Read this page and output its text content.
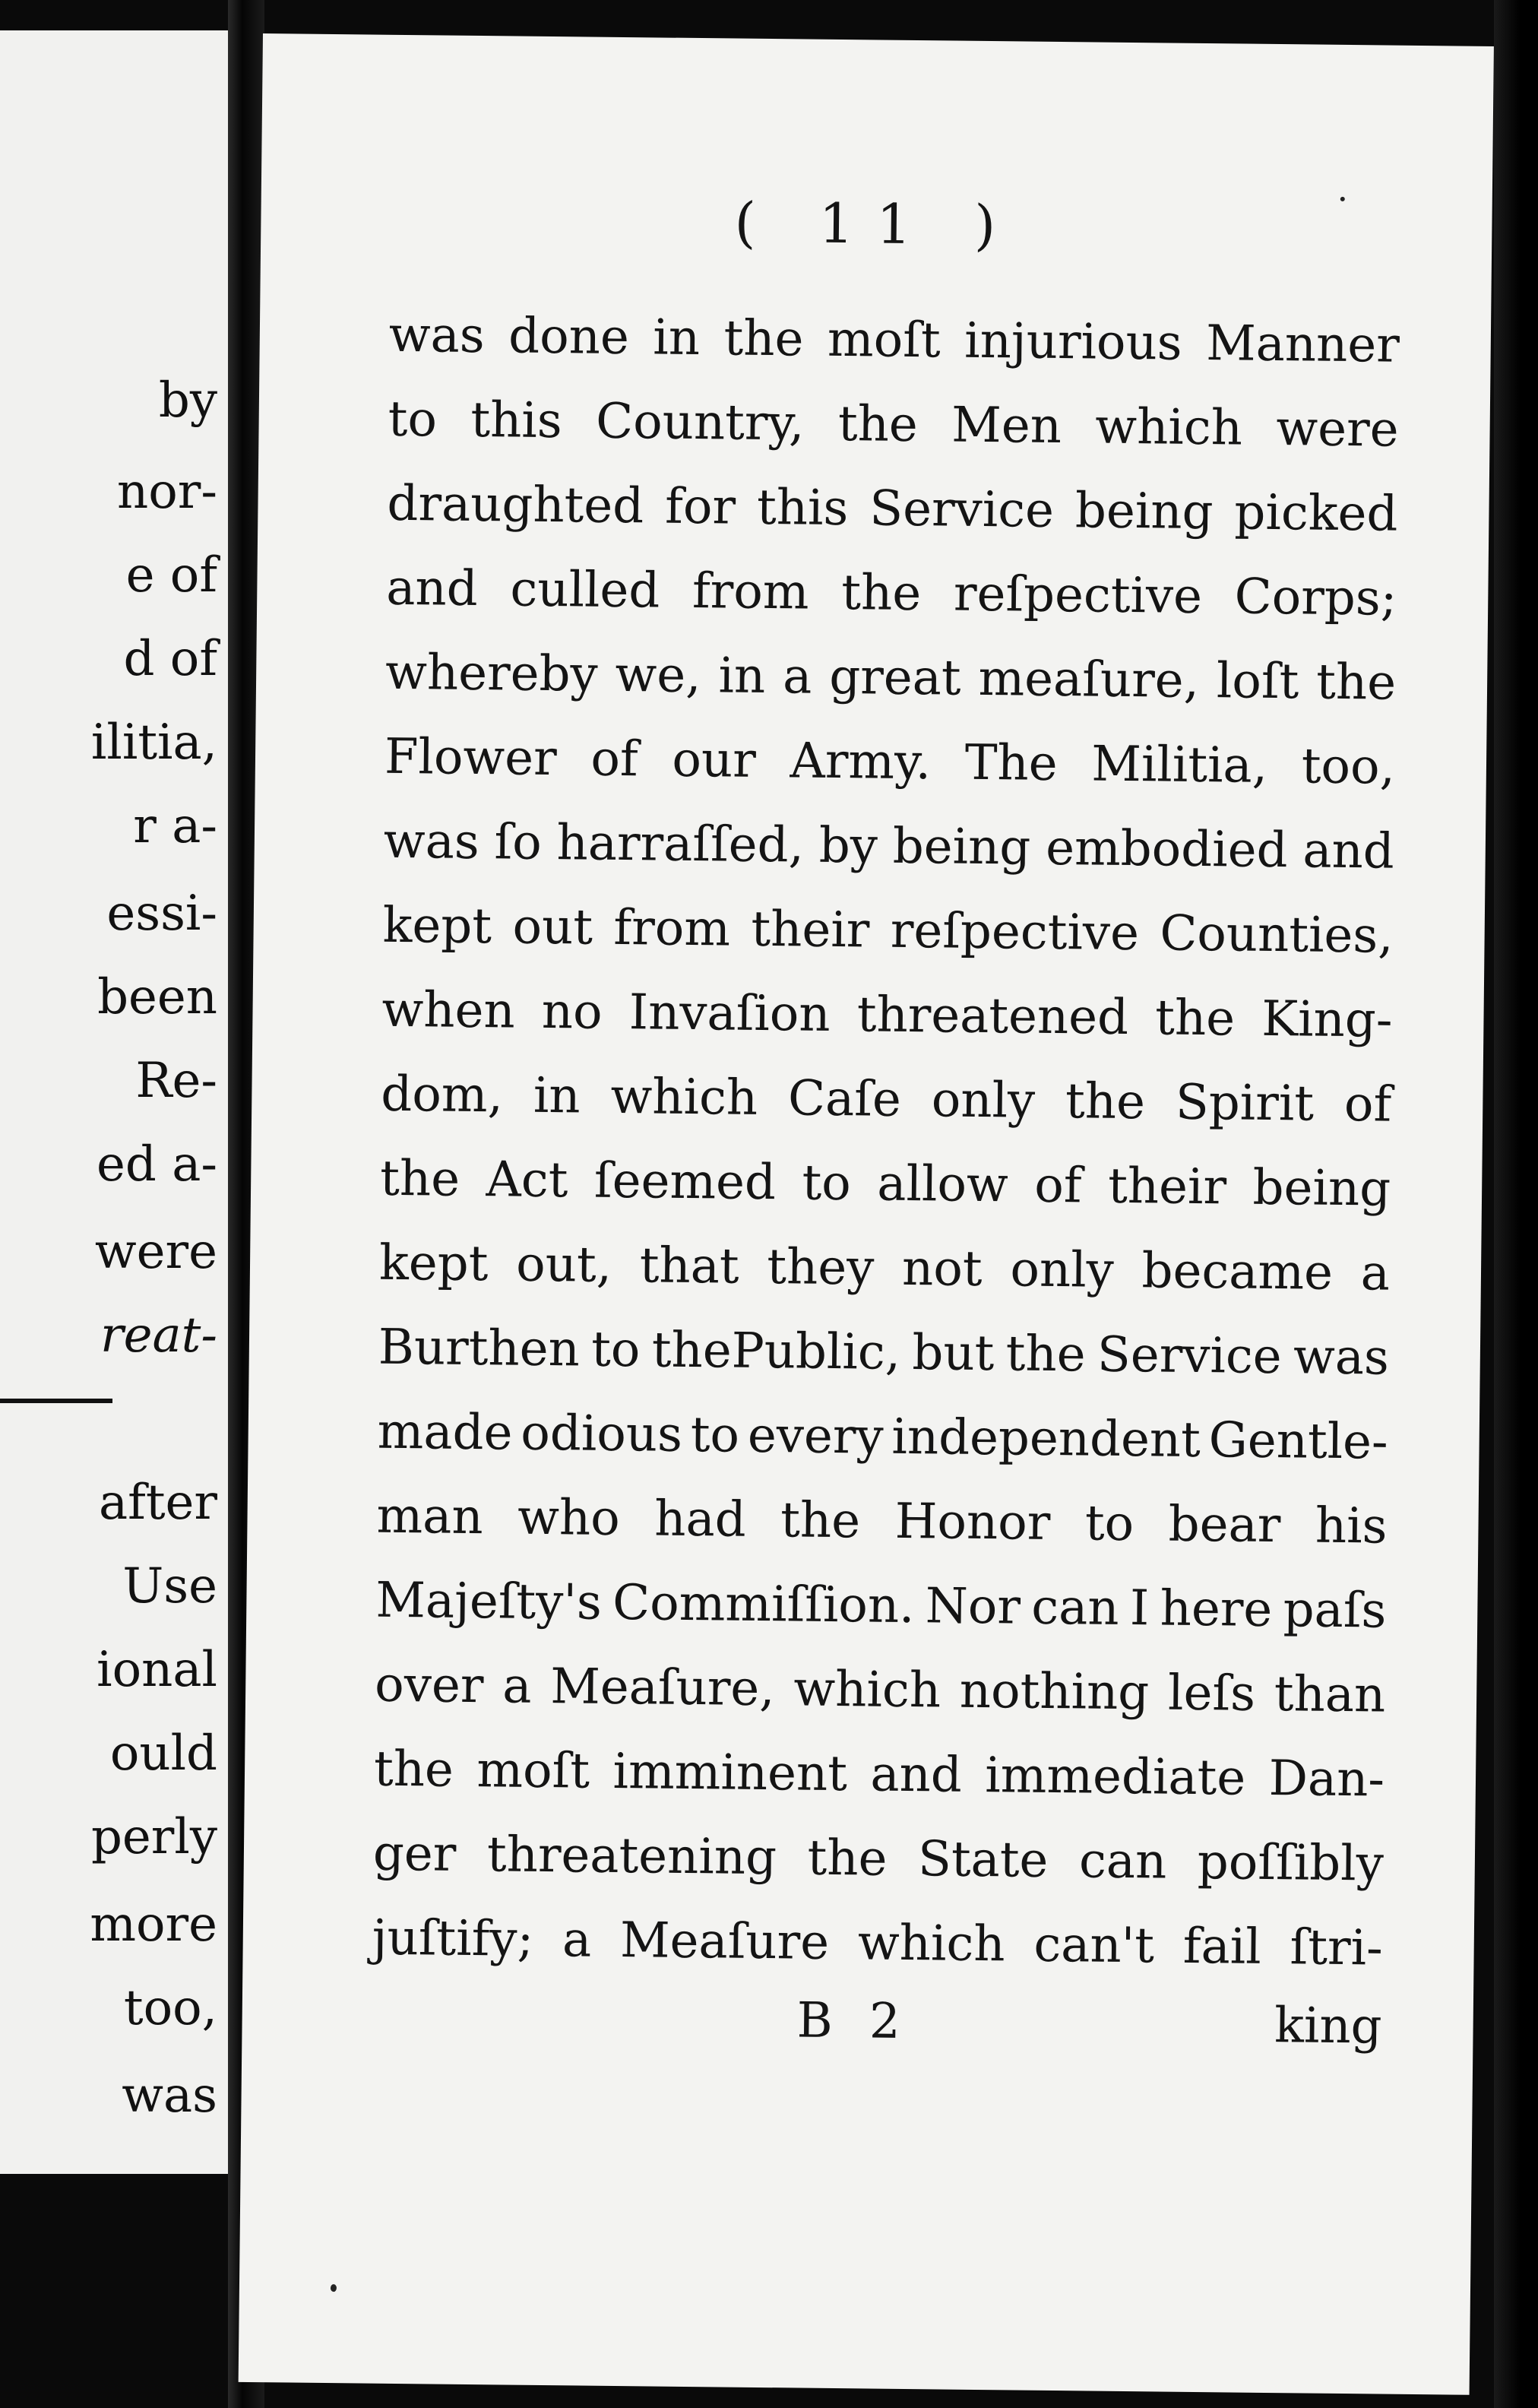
by
nor-
e of
d of
ilitia,
r a-
essi-
been
Re-
ed a-
were
reat-
after
Use
ional
ould
perly
more
too,
was
( 11 )
was done in the moſt injurious Manner
to this Country, the Men which were
draughted for this Service being picked
and culled from the reſpective Corps;
whereby we, in a great meaſure, loſt the
Flower of our Army. The Militia, too,
was ſo harraſſed, by being embodied and
kept out from their reſpective Counties,
when no Invaſion threatened the King-
dom, in which Caſe only the Spirit of
the Act ſeemed to allow of their being
kept out, that they not only became a
Burthen to thePublic, but the Service was
made odious to every independent Gentle-
man who had the Honor to bear his
Majeſty's Commiſſion. Nor can I here paſs
over a Meaſure, which nothing leſs than
the moſt imminent and immediate Dan-
ger threatening the State can poſſibly
juſtify; a Meaſure which can't fail ſtri-
B 2	king
